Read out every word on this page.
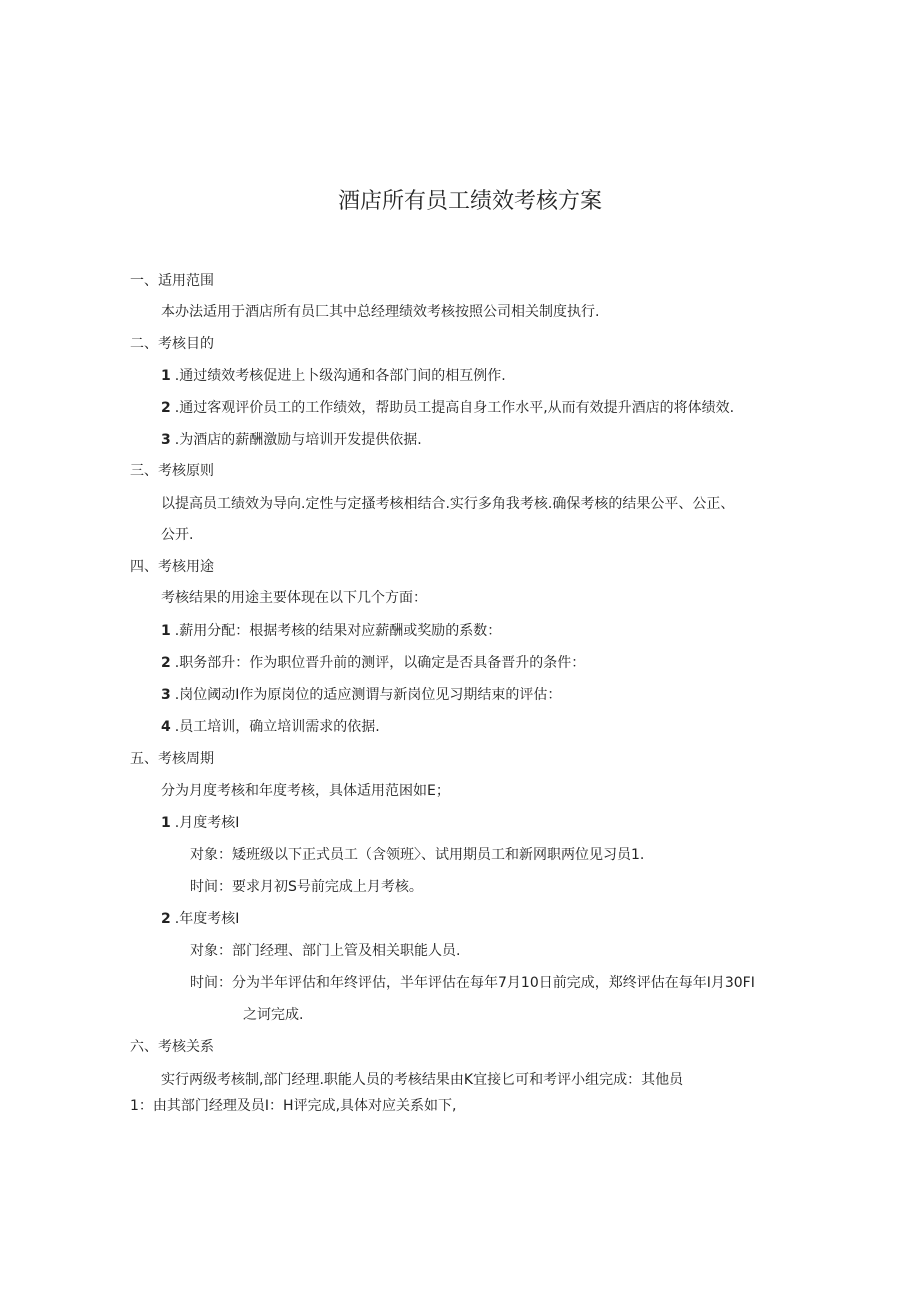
酒店所有员工绩效考核方案
一、适用范围
本办法适用于酒店所有员匚其中总经理绩效考核按照公司相关制度执行.
二、考核目的
1 .通过绩效考核促进上卜级沟通和各部门间的相互例作.
2 .通过客观评价员工的工作绩效，帮助员工提高自身工作水平,从而有效提升酒店的将体绩效.
3 .为酒店的薪酬激励与培训开发提供依据.
三、考核原则
以提高员工绩效为导向.定性与定搔考核相结合.实行多角我考核.确保考核的结果公平、公正、
公开.
四、考核用途
考核结果的用途主要体现在以下几个方面：
1 .薪用分配：根据考核的结果对应薪酬或奖励的系数：
2 .职务部升：作为职位晋升前的测评，以确定是否具备晋升的条件：
3 .岗位阈动I作为原岗位的适应测谓与新岗位见习期结束的评估：
4 .员工培训，确立培训需求的依据.
五、考核周期
分为月度考核和年度考核，具体适用范困如E；
1 .月度考核I
对象：矮班级以下正式员工（含领班〉、试用期员工和新网职两位见习员1.
时间：要求月初S号前完成上月考核。
2 .年度考核I
对象：部门经理、部门上管及相关职能人员.
时间：分为半年评估和年终评估，半年评估在每年7月10日前完成，郑终评估在每年I月30FI
之诃完成.
六、考核关系
实行两级考核制,部门经理.职能人员的考核结果由K宜接匕可和考评小组完成：其他员
1：由其部门经理及员I：H评完成,具体对应关系如下,
